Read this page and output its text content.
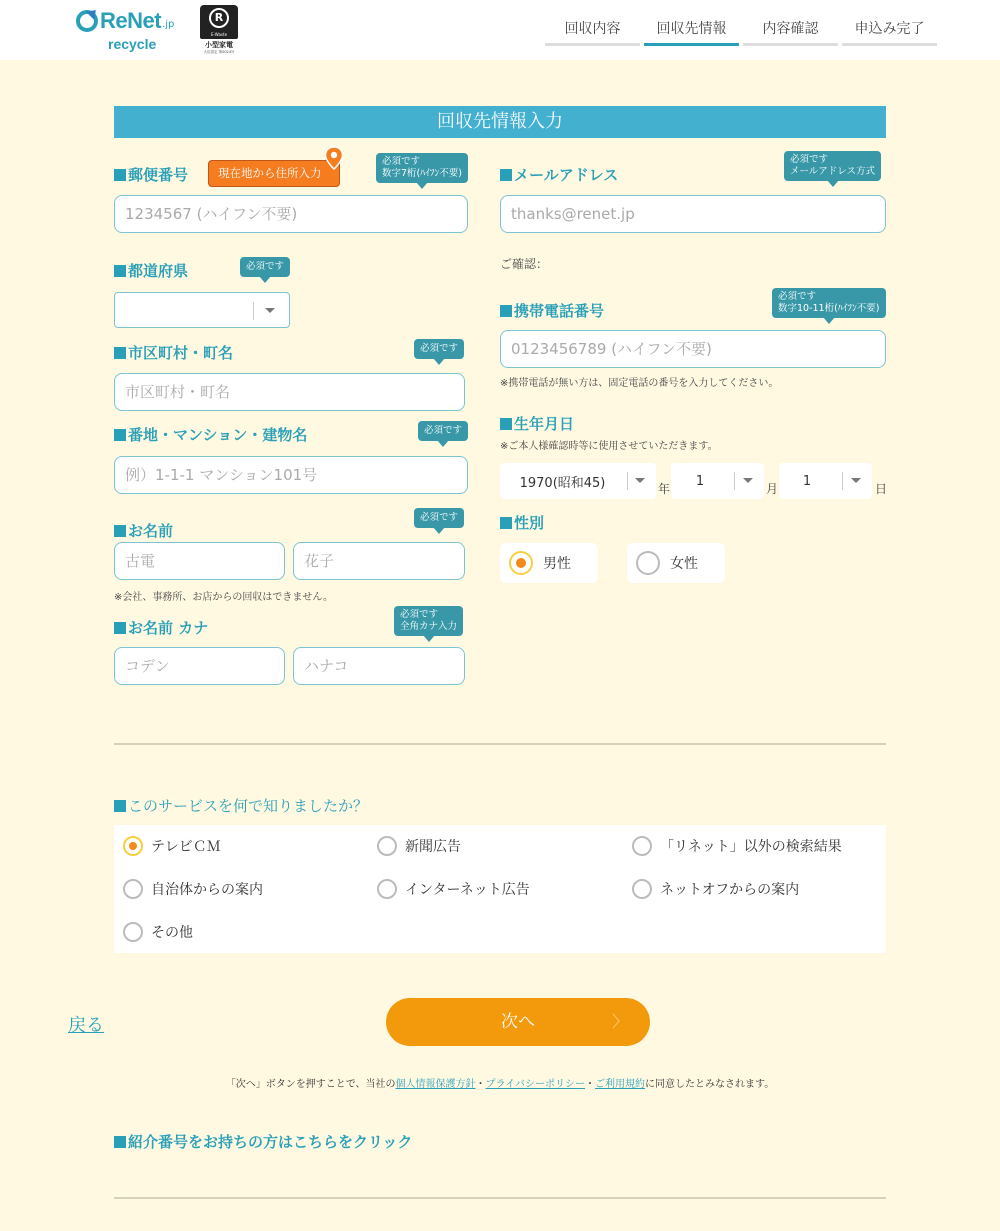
ReNet .jp
recycle
R
E-Waste
小型家電
大臣認定 第0024号
回収内容	回収先情報	内容確認	申込み完了
回収先情報入力
郵便番号	現在地から住所入力
必須です
数字7桁(ﾊｲﾌﾝ不要)
1234567 (ハイフン不要)
都道府県	必須です
市区町村・町名	必須です
市区町村・町名
番地・マンション・建物名	必須です
例）1-1-1 マンション101号
お名前
必須です
古電
花子
※会社、事務所、お店からの回収はできません。
お名前 カナ
必須です
全角カナ入力
コデン
ハナコ
メールアドレス
必須です
メールアドレス方式
thanks@renet.jp
ご確認：
携帯電話番号
必須です
数字10-11桁(ﾊｲﾌﾝ不要)
0123456789 (ハイフン不要)
※携帯電話が無い方は、固定電話の番号を入力してください。
生年月日
※ご本人様確認時等に使用させていただきます。
1970(昭和45)	年
1
月
1
日
性別
男性	女性
このサービスを何で知りましたか？
テレビＣＭ	新聞広告	「リネット」以外の検索結果
自治体からの案内	インターネット広告	ネットオフからの案内
その他
戻る	次へ	〉
「次へ」ボタンを押すことで、当社の個人情報保護方針・プライバシーポリシー・ご利用規約に同意したとみなされます。
紹介番号をお持ちの方はこちらをクリック
